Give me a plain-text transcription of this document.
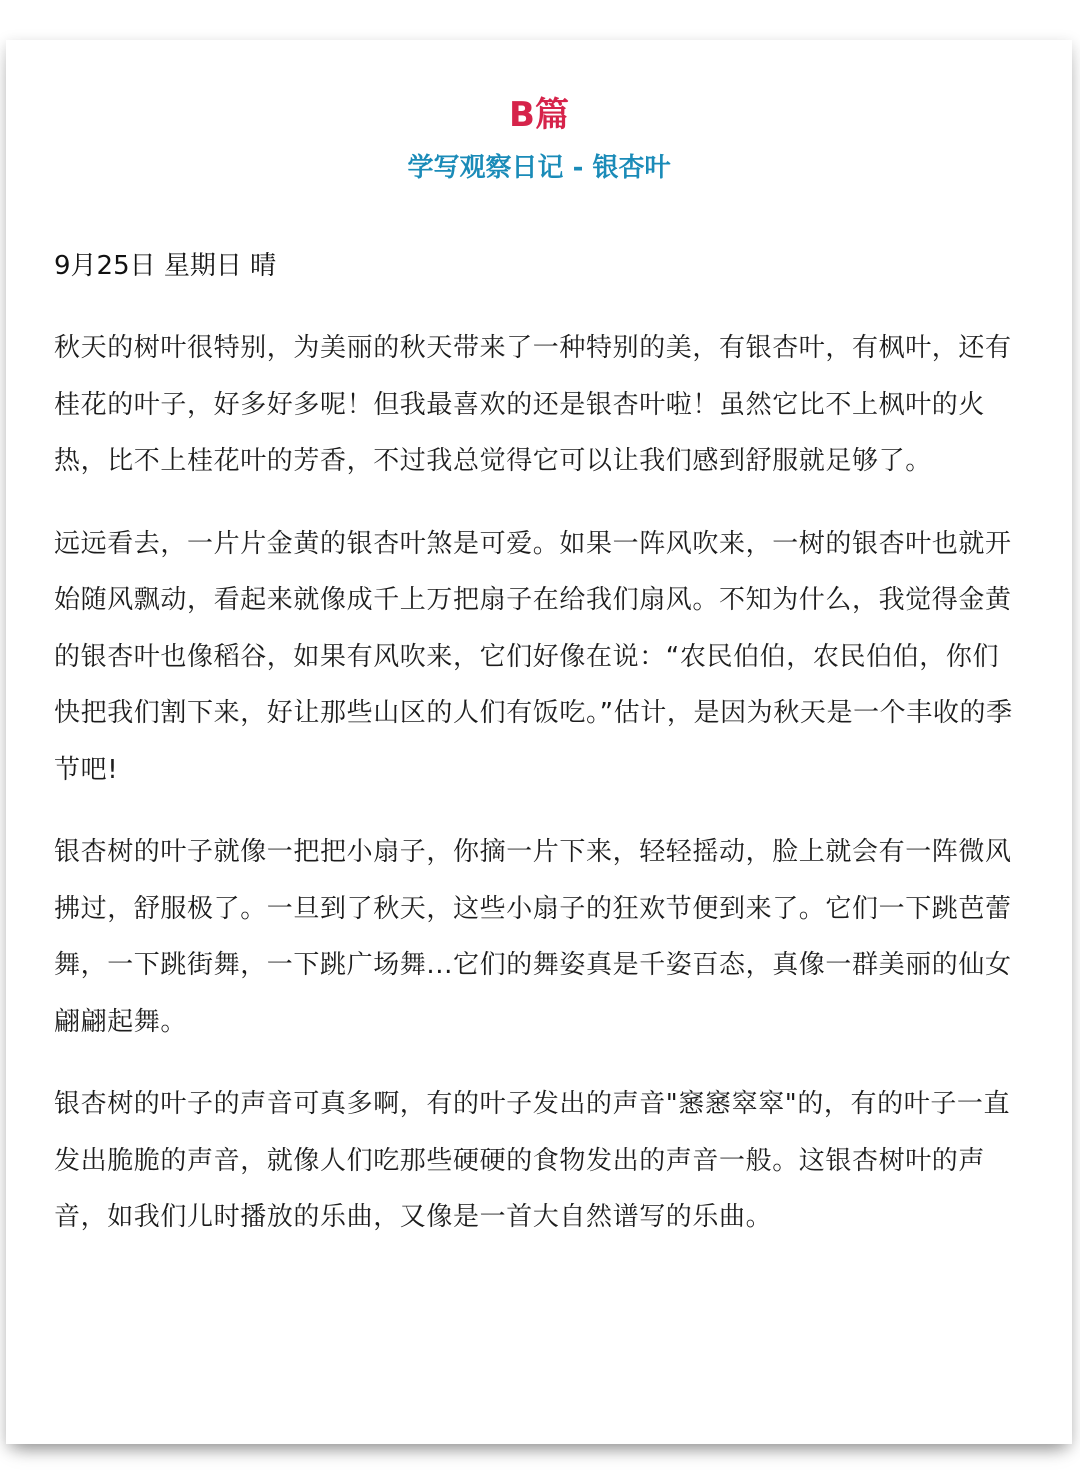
B篇
学写观察日记 - 银杏叶
9月25日 星期日 晴

秋天的树叶很特别，为美丽的秋天带来了一种特别的美，有银杏叶，有枫叶，还有桂花的叶子，好多好多呢！但我最喜欢的还是银杏叶啦！虽然它比不上枫叶的火热，比不上桂花叶的芳香，不过我总觉得它可以让我们感到舒服就足够了。

远远看去，一片片金黄的银杏叶煞是可爱。如果一阵风吹来，一树的银杏叶也就开始随风飘动，看起来就像成千上万把扇子在给我们扇风。不知为什么，我觉得金黄的银杏叶也像稻谷，如果有风吹来，它们好像在说：“农民伯伯，农民伯伯，你们快把我们割下来，好让那些山区的人们有饭吃。”估计，是因为秋天是一个丰收的季节吧!

银杏树的叶子就像一把把小扇子，你摘一片下来，轻轻摇动，脸上就会有一阵微风拂过，舒服极了。一旦到了秋天，这些小扇子的狂欢节便到来了。它们一下跳芭蕾舞，一下跳街舞，一下跳广场舞...它们的舞姿真是千姿百态，真像一群美丽的仙女翩翩起舞。

银杏树的叶子的声音可真多啊，有的叶子发出的声音"窸窸窣窣"的，有的叶子一直发出脆脆的声音，就像人们吃那些硬硬的食物发出的声音一般。这银杏树叶的声音，如我们儿时播放的乐曲，又像是一首大自然谱写的乐曲。
